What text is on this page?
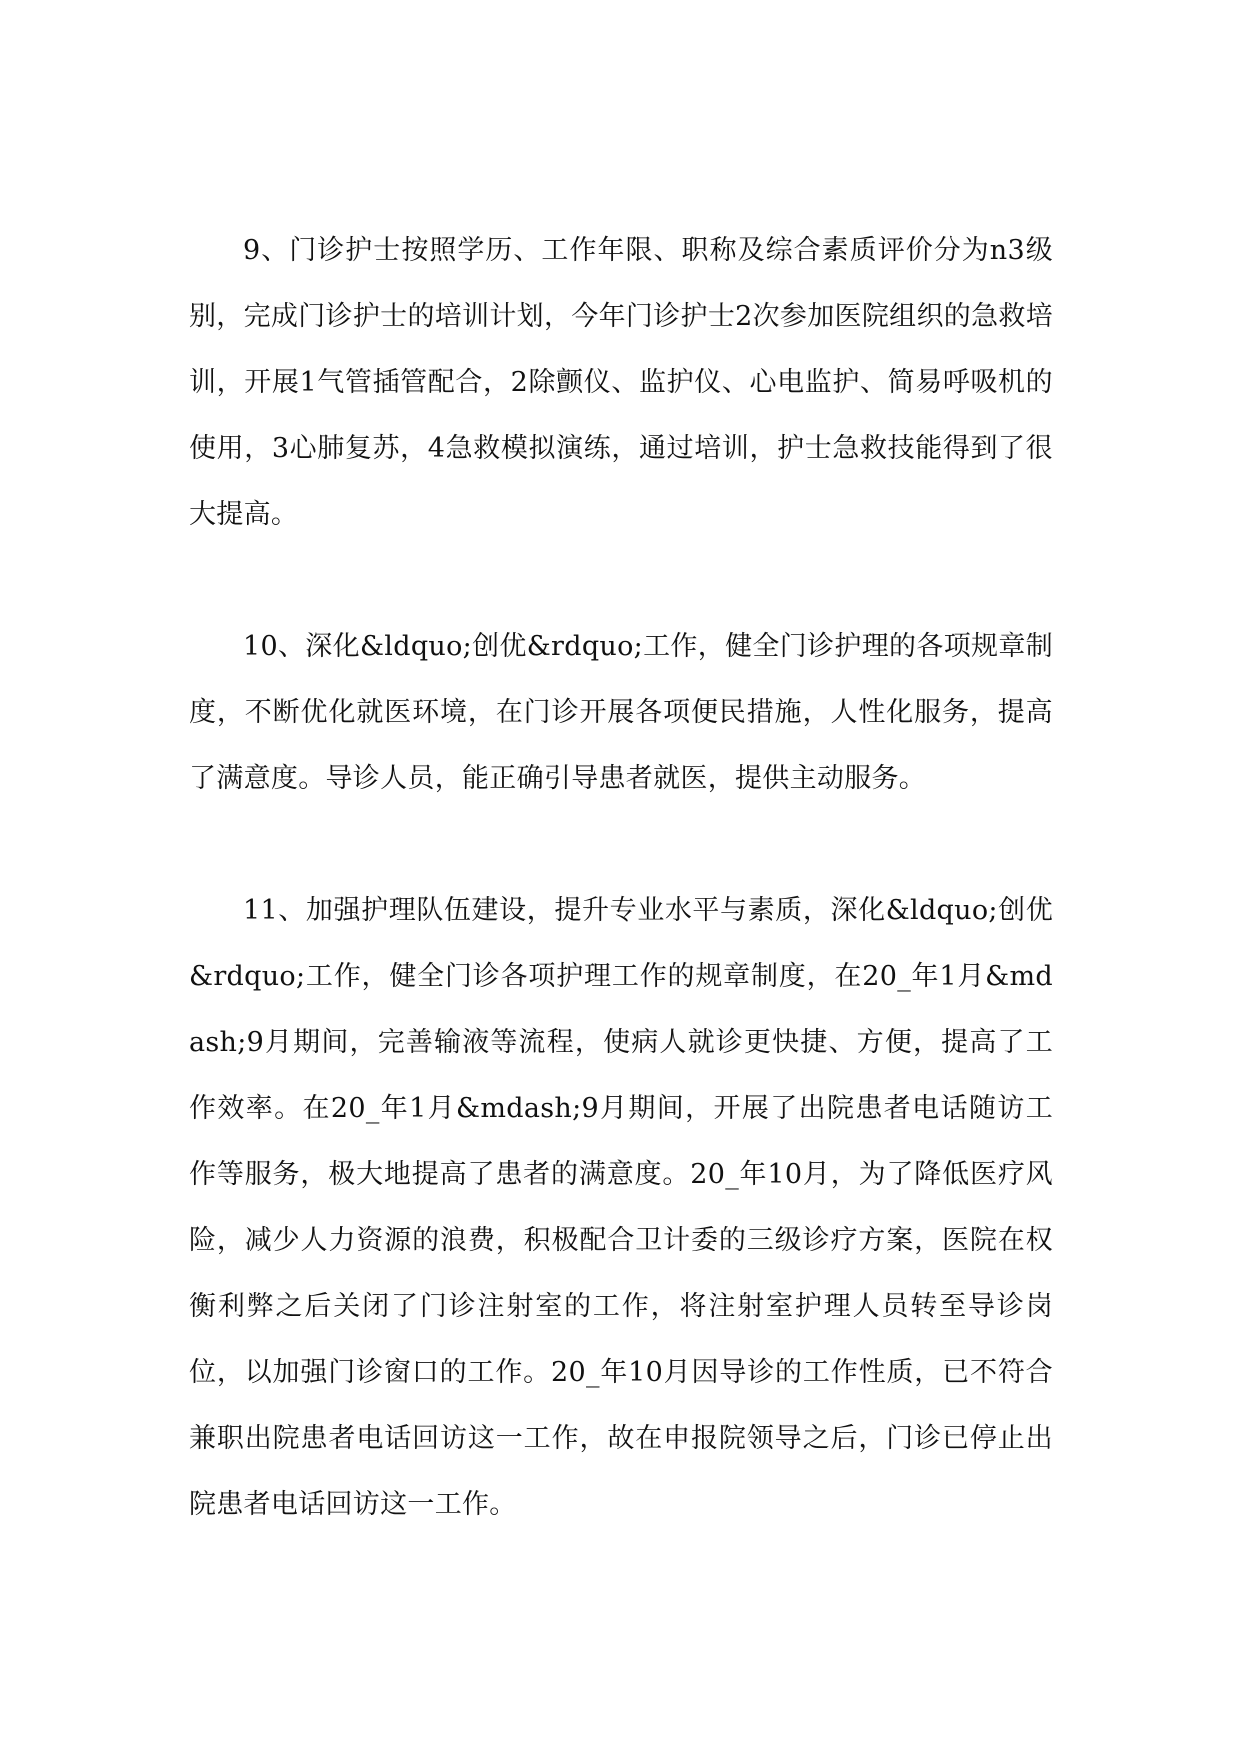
9、门诊护士按照学历、工作年限、职称及综合素质评价分为n3级别，完成门诊护士的培训计划，今年门诊护士2次参加医院组织的急救培训，开展1气管插管配合，2除颤仪、监护仪、心电监护、简易呼吸机的使用，3心肺复苏，4急救模拟演练，通过培训，护士急救技能得到了很大提高。

10、深化&ldquo;创优&rdquo;工作，健全门诊护理的各项规章制度，不断优化就医环境，在门诊开展各项便民措施，人性化服务，提高了满意度。导诊人员，能正确引导患者就医，提供主动服务。

11、加强护理队伍建设，提升专业水平与素质，深化&ldquo;创优&rdquo;工作，健全门诊各项护理工作的规章制度，在20_年1月&mdash;9月期间，完善输液等流程，使病人就诊更快捷、方便，提高了工作效率。在20_年1月&mdash;9月期间，开展了出院患者电话随访工作等服务，极大地提高了患者的满意度。20_年10月，为了降低医疗风险，减少人力资源的浪费，积极配合卫计委的三级诊疗方案，医院在权衡利弊之后关闭了门诊注射室的工作，将注射室护理人员转至导诊岗位，以加强门诊窗口的工作。20_年10月因导诊的工作性质，已不符合兼职出院患者电话回访这一工作，故在申报院领导之后，门诊已停止出院患者电话回访这一工作。
